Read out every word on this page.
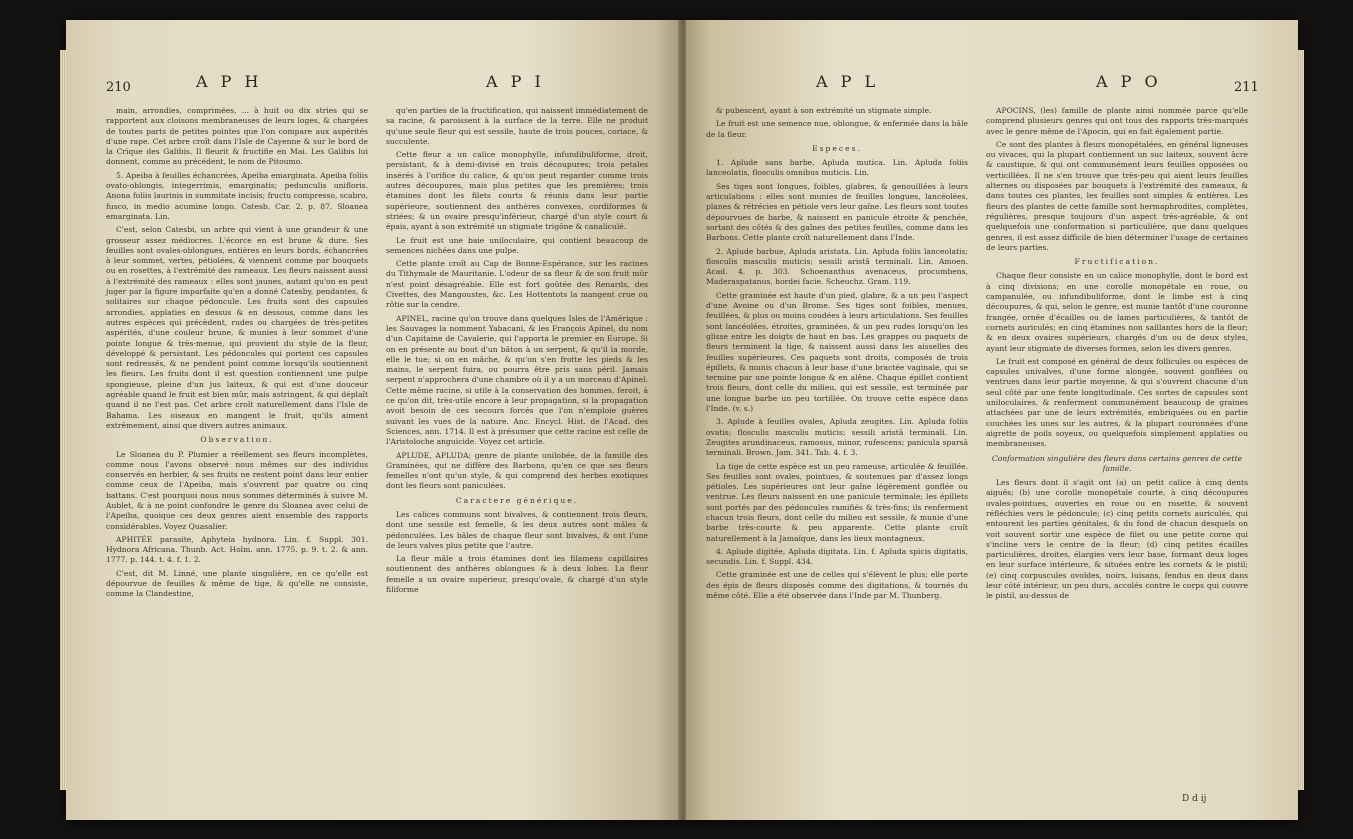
210	A P H	A P I

main, arrondies, comprimées, ... à huit ou dix stries qui se rapportent aux cloisons membraneuses de leurs loges, & chargées de toutes parts de petites pointes que l'on compare aux aspérités d'une rape. Cet arbre croît dans l'Isle de Cayenne & sur le bord de la Crique des Galibis. Il fleurit & fructifie en Mai. Les Galibis lui donnent, comme au précédent, le nom de Pitoumo.

5. Apeiba à feuilles échancrées, Apeiba emarginata. Apeiba foliis ovato-oblongis, integerrimis, emarginatis; pedunculis unifloris. Anona foliis laurinis in summitate incisis; fructu compresso, scabro, fusco, in medio acumine longo. Catesb. Car. 2. p. 87. Sloanea emarginata. Lin.

C'est, selon Catesbi, un arbre qui vient à une grandeur & une grosseur assez médiocres. L'écorce en est brune & dure. Ses feuilles sont ovales-oblongues, entières en leurs bords, échancrées à leur sommet, vertes, pétiolées, & viennent comme par bouquets ou en rosettes, à l'extrémité des rameaux. Les fleurs naissent aussi à l'extrémité des rameaux : elles sont jaunes, autant qu'on en peut juger par la figure imparfaite qu'en a donné Catesby, pendantes, & solitaires sur chaque pédoncule. Les fruits sont des capsules arrondies, applaties en dessus & en dessous, comme dans les autres espèces qui précèdent, rudes ou chargées de très-petites aspérités, d'une couleur brune, & munies à leur sommet d'une pointe longue & très-menue, qui provient du style de la fleur, développé & persistant. Les pédoncules qui portent ces capsules sont redressés, & ne pendent point comme lorsqu'ils soutiennent les fleurs. Les fruits dont il est question contiennent une pulpe spongieuse, pleine d'un jus laiteux, & qui est d'une douceur agréable quand le fruit est bien mûr, mais astringent, & qui déplaît quand il ne l'est pas. Cet arbre croît naturellement dans l'Isle de Bahama. Les oiseaux en mangent le fruit, qu'ils aiment extrêmement, ainsi que divers autres animaux.

Observation.

Le Sloanea du P. Plumier a réellement ses fleurs incomplètes, comme nous l'avons observé nous mêmes sur des individus conservés en herbier, & ses fruits ne restent point dans leur entier comme ceux de l'Apeiba, mais s'ouvrent par quatre ou cinq battans. C'est pourquoi nous nous sommes déterminés à suivre M. Aublet, & à ne point confondre le genre du Sloanea avec celui de l'Apeiba, quoique ces deux genres aient ensemble des rapports considérables. Voyez Quasalier.

APHITÉE parasite, Aphyteia hydnora. Lin. f. Suppl. 301. Hydnora Africana. Thunb. Act. Holm. ann. 1775. p. 9. t. 2. & ann. 1777. p. 144. t. 4. f. 1. 2.

C'est, dit M. Linné, une plante singulière, en ce qu'elle est dépourvue de feuilles & même de tige, & qu'elle ne consiste, comme la Clandestine,

qu'en parties de la fructification, qui naissent immédiatement de sa racine, & paroissent à la surface de la terre. Elle ne produit qu'une seule fleur qui est sessile, haute de trois pouces, coriace, & succulente.

Cette fleur a un calice monophylle, infundibuliforme, droit, persistant, & à demi-divisé en trois découpures; trois petales insérés à l'orifice du calice, & qu'on peut regarder comme trois autres découpures, mais plus petites que les premières; trois étamines dont les filets courts & réunis dans leur partie supérieure, soutiennent des anthères convexes, cordiformes & striées; & un ovaire presqu'inférieur, chargé d'un style court & épais, ayant à son extrémité un stigmate trigône & canaliculé.

Le fruit est une baie uniloculaire, qui contient beaucoup de semences nichées dans une pulpe.

Cette plante croît au Cap de Bonne-Espérance, sur les racines du Tithymale de Mauritanie. L'odeur de sa fleur & de son fruit mûr n'est point désagréable. Elle est fort goûtée des Renards, des Civettes, des Mangoustes, &c. Les Hottentots la mangent crue ou rôtie sur la cendre.

APINEL, racine qu'on trouve dans quelques Isles de l'Amérique : les Sauvages la nomment Yabacani, & les François Apinel, du nom d'un Capitaine de Cavalerie, qui l'apporta le premier en Europe. Si on en présente au bout d'un bâton à un serpent, & qu'il la morde, elle le tue; si on en mâche, & qu'on s'en frotte les pieds & les mains, le serpent fuira, ou pourra être pris sans péril. Jamais serpent n'approchera d'une chambre où il y a un morceau d'Apinel. Cette même racine, si utile à la conservation des hommes, feroit, à ce qu'on dit, très-utile encore à leur propagation, si la propagation avoit besoin de ces secours forcés que l'on n'emploie guères suivant les vues de la nature. Anc. Encycl. Hist. de l'Acad. des Sciences, ann. 1714. Il est à présumer que cette racine est celle de l'Aristoloche anguicide. Voyez cet article.

APLUDE, APLUDA; genre de plante unilobée, de la famille des Graminées, qui ne diffère des Barbons, qu'en ce que ses fleurs femelles n'ont qu'un style, & qui comprend des herbes exotiques dont les fleurs sont paniculées.

Caractere générique.

Les calices communs sont bivalves, & contiennent trois fleurs, dont une sessile est femelle, & les deux autres sont mâles & pédonculées. Les bâles de chaque fleur sont bivalves, & ont l'une de leurs valves plus petite que l'autre.

La fleur mâle a trois étamines dont les filamens capillaires soutiennent des anthères oblongues & à deux lobes. La fleur femelle a un ovaire supérieur, presqu'ovale, & chargé d'un style filiforme

A P L	A P O	211

& pubescent, ayant à son extrémité un stigmate simple.

Le fruit est une semence nue, oblongue, & enfermée dans la bâle de la fleur.

Especes.

1. Aplude sans barbe, Apluda mutica. Lin. Apluda foliis lanceolatis, flosculis omnibus muticis. Lin.

Ses tiges sont longues, foibles, glabres, & genouillées à leurs articulations : elles sont munies de feuilles longues, lancéolées, planes & rétrécies en pétiole vers leur gaîne. Les fleurs sont toutes dépourvues de barbe, & naissent en panicule étroite & penchée, sortant des côtés & des gaînes des petites feuilles, comme dans les Barbons. Cette plante croît naturellement dans l'Inde.

2. Aplude barbue, Apluda aristata. Lin. Apluda foliis lanceolatis; flosculis masculis muticis; sessili aristâ terminali. Lin. Amoen. Acad. 4. p. 303. Schoenanthus avenaceus, procumbens, Maderaspatanus, hordei facie. Scheuchz. Gram. 119.

Cette graminée est haute d'un pied, glabre, & a un peu l'aspect d'une Avoine ou d'un Brome. Ses tiges sont foibles, menues, feuillées, & plus ou moins coudées à leurs articulations. Ses feuilles sont lancéolées, étroites, graminées, & un peu rudes lorsqu'on les glisse entre les doigts de haut en bas. Les grappes ou paquets de fleurs terminent la tige, & naissent aussi dans les aisselles des feuilles supérieures. Ces paquets sont droits, composés de trois épillets, & munis chacun à leur base d'une bractée vaginale, qui se termine par une pointe longue & en alêne. Chaque épillet contient trois fleurs, dont celle du milieu, qui est sessile, est terminée par une longue barbe un peu tortillée. On trouve cette espèce dans l'Inde. (v. s.)

3. Aplude à feuilles ovales, Apluda zeugites. Lin. Apluda foliis ovatis; flosculis masculis muticis; sessili aristâ terminali. Lin. Zeugites arundinaceus, ramosus, minor, rufescens; panicula sparsâ terminali. Brown. Jam. 341. Tab. 4. f. 3.

La tige de cette espèce est un peu rameuse, articulée & feuillée. Ses feuilles sont ovales, pointues, & soutenues par d'assez longs pétioles. Les supérieures ont leur gaîne légèrement gonflée ou ventrue. Les fleurs naissent en une panicule terminale; les épillets sont portés par des pédoncules ramifiés & très-fins; ils renferment chacun trois fleurs, dont celle du milieu est sessile, & munie d'une barbe très-courte & peu apparente. Cette plante croît naturellement à la Jamaïque, dans les lieux montagneux.

4. Aplude digitée, Apluda digitata. Lin. f. Apluda spicis digitatis, secundis. Lin. f. Suppl. 434.

Cette graminée est une de celles qui s'élèvent le plus; elle porte des épis de fleurs disposés comme des digitations, & tournés du même côté. Elle a été observée dans l'Inde par M. Thunberg.

APOCINS, (les) famille de plante ainsi nommée parce qu'elle comprend plusieurs genres qui ont tous des rapports très-marqués avec le genre même de l'Apocin, qui en fait également partie.

Ce sont des plantes à fleurs monopétalées, en général ligneuses ou vivaces, qui la plupart contiennent un suc laiteux, souvent âcre & caustique, & qui ont communément leurs feuilles opposées ou verticillées. Il ne s'en trouve que très-peu qui aient leurs feuilles alternes ou disposées par bouquets à l'extrémité des rameaux, & dans toutes ces plantes, les feuilles sont simples & entières. Les fleurs des plantes de cette famille sont hermaphrodites, complètes, régulières, presque toujours d'un aspect très-agréable, & ont quelquefois une conformation si particulière, que dans quelques genres, il est assez difficile de bien déterminer l'usage de certaines de leurs parties.

Fructification.

Chaque fleur consiste en un calice monophylle, dont le bord est à cinq divisions; en une corolle monopétale en roue, ou campanulée, ou infundibuliforme, dont le limbe est à cinq découpures, & qui, selon le genre, est munie tantôt d'une couronne frangée, ornée d'écailles ou de lames particulières, & tantôt de cornets auriculés; en cinq étamines non saillantes hors de la fleur; & en deux ovaires supérieurs, chargés d'un ou de deux styles, ayant leur stigmate de diverses formes, selon les divers genres.

Le fruit est composé en général de deux follicules ou espèces de capsules univalves, d'une forme alongée, souvent gonflées ou ventrues dans leur partie moyenne, & qui s'ouvrent chacune d'un seul côté par une fente longitudinale. Ces sortes de capsules sont uniloculaires, & renferment communément beaucoup de graines attachées par une de leurs extrémités, embriquées ou en partie couchées les unes sur les autres, & la plupart couronnées d'une aigrette de poils soyeux, ou quelquefois simplement applaties ou membraneuses.

Conformation singulière des fleurs dans certains genres de cette famille.

Les fleurs dont il s'agit ont (a) un petit calice à cinq dents aiguës; (b) une corolle monopétale courte, à cinq découpures ovales-pointues, ouvertes en roue ou en rosette, & souvent réfléchies vers le pédoncule; (c) cinq petits cornets auriculés, qui entourent les parties génitales, & du fond de chacun desquels on voit souvent sortir une espèce de filet ou une petite corne qui s'incline vers le centre de la fleur; (d) cinq petites écailles particulières, droites, élargies vers leur base, formant deux loges en leur surface intérieure, & situées entre les cornets & le pistil; (e) cinq corpuscules ovoïdes, noirs, luisans, fendus en deux dans leur côté intérieur, un peu durs, accolés contre le corps qui couvre le pistil, au-dessus de

D d ij
